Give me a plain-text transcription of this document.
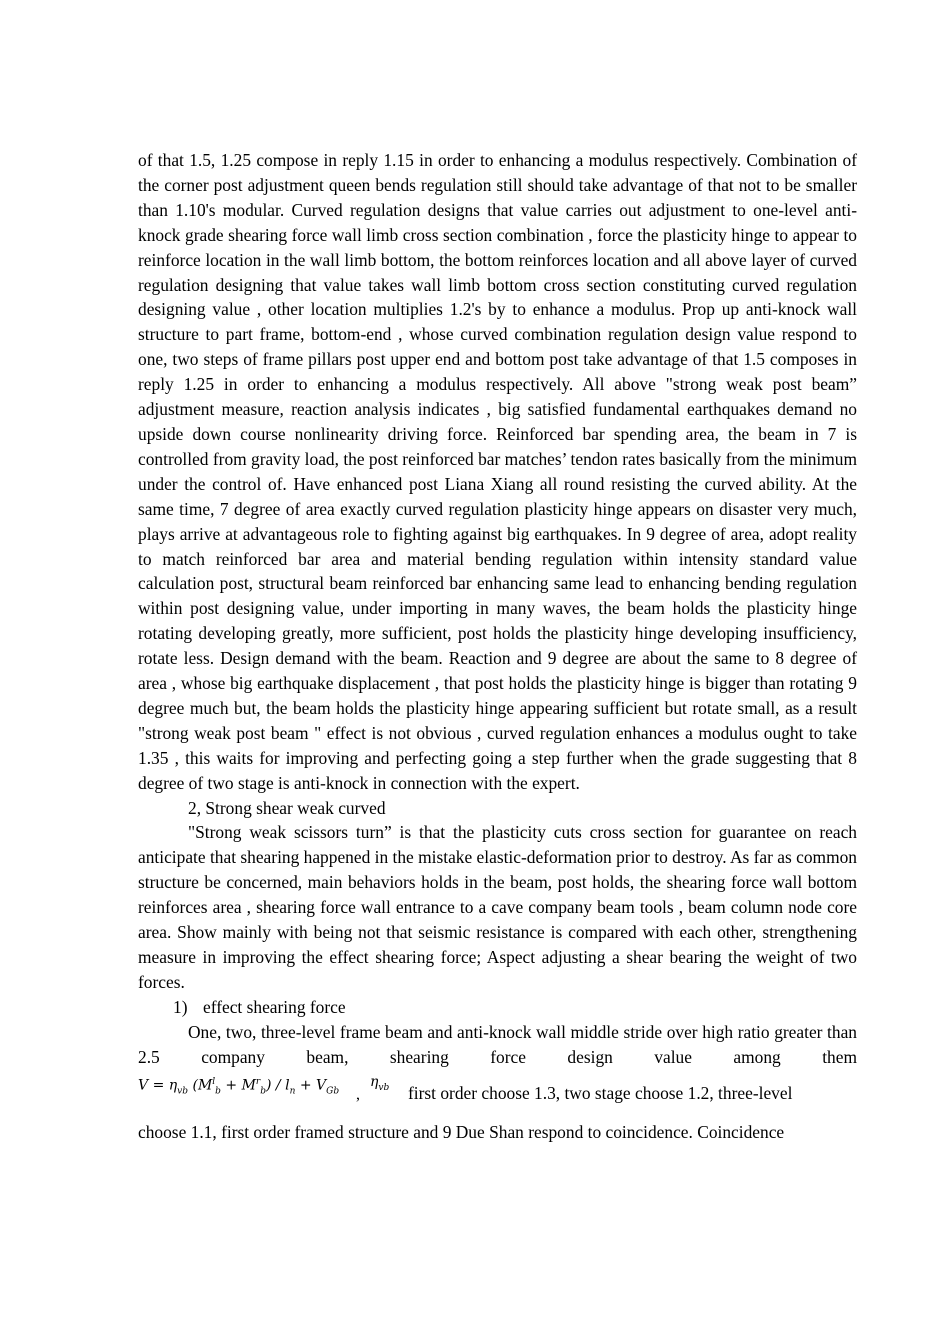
of that 1.5, 1.25 compose in reply 1.15 in order to enhancing a modulus respectively. Combination of the corner post adjustment queen bends regulation still should take advantage of that not to be smaller than 1.10's modular. Curved regulation designs that value carries out adjustment to one-level anti-knock grade shearing force wall limb cross section combination , force the plasticity hinge to appear to reinforce location in the wall limb bottom, the bottom reinforces location and all above layer of curved regulation designing that value takes wall limb bottom cross section constituting curved regulation designing value , other location multiplies 1.2's by to enhance a modulus. Prop up anti-knock wall structure to part frame, bottom-end , whose curved combination regulation design value respond to one, two steps of frame pillars post upper end and bottom post take advantage of that 1.5 composes in reply 1.25 in order to enhancing a modulus respectively. All above "strong weak post beam” adjustment measure, reaction analysis indicates , big satisfied fundamental earthquakes demand no upside down course nonlinearity driving force. Reinforced bar spending area, the beam in 7 is controlled from gravity load, the post reinforced bar matches’ tendon rates basically from the minimum under the control of. Have enhanced post Liana Xiang all round resisting the curved ability. At the same time, 7 degree of area exactly curved regulation plasticity hinge appears on disaster very much, plays arrive at advantageous role to fighting against big earthquakes. In 9 degree of area, adopt reality to match reinforced bar area and material bending regulation within intensity standard value calculation post, structural beam reinforced bar enhancing same lead to enhancing bending regulation within post designing value, under importing in many waves, the beam holds the plasticity hinge rotating developing greatly, more sufficient, post holds the plasticity hinge developing insufficiency, rotate less. Design demand with the beam. Reaction and 9 degree are about the same to 8 degree of area , whose big earthquake displacement , that post holds the plasticity hinge is bigger than rotating 9 degree much but, the beam holds the plasticity hinge appearing sufficient but rotate small, as a result "strong weak post beam " effect is not obvious , curved regulation enhances a modulus ought to take 1.35 , this waits for improving and perfecting going a step further when the grade suggesting that 8 degree of two stage is anti-knock in connection with the expert.

2, Strong shear weak curved

"Strong weak scissors turn” is that the plasticity cuts cross section for guarantee on reach anticipate that shearing happened in the mistake elastic-deformation prior to destroy. As far as common structure be concerned, main behaviors holds in the beam, post holds, the shearing force wall bottom reinforces area , shearing force wall entrance to a cave company beam tools , beam column node core area. Show mainly with being not that seismic resistance is compared with each other, strengthening measure in improving the effect shearing force; Aspect adjusting a shear bearing the weight of two forces.

1) effect shearing force

One, two, three-level frame beam and anti-knock wall middle stride over high ratio greater than 2.5 company beam, shearing force design value among them

$V = \eta_{vb}$ $(M^l_b + M^r_b) / l_n + V_{Gb}$ ,
$\eta_{vb}$ first order choose 1.3, two stage choose 1.2, three-level

choose 1.1, first order framed structure and 9 Due Shan respond to coincidence. Coincidence
